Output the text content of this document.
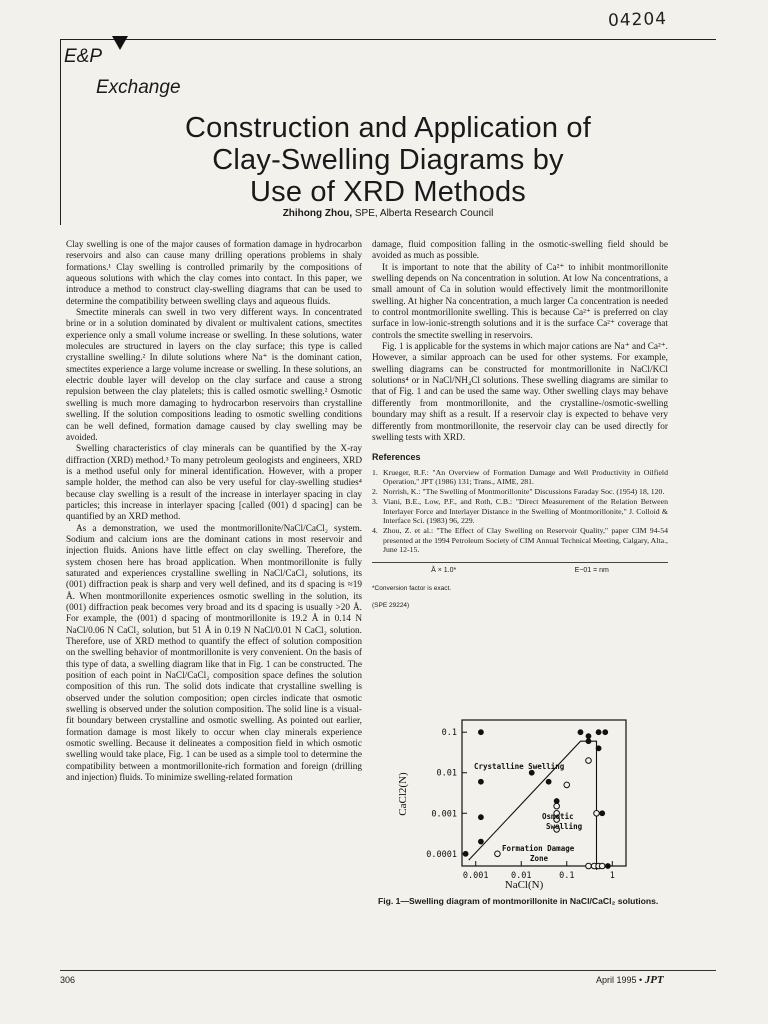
04204
E&P
Exchange
Construction and Application of
Clay-Swelling Diagrams by
Use of XRD Methods
Zhihong Zhou, SPE, Alberta Research Council

Clay swelling is one of the major causes of formation damage in hydrocarbon reservoirs and also can cause many drilling operations problems in shaly formations.¹ Clay swelling is controlled primarily by the compositions of aqueous solutions with which the clay comes into contact. In this paper, we introduce a method to construct clay-swelling diagrams that can be used to determine the compatibility between swelling clays and aqueous fluids.

Smectite minerals can swell in two very different ways. In concentrated brine or in a solution dominated by divalent or multivalent cations, smectites experience only a small volume increase or swelling. In these solutions, water molecules are structured in layers on the clay surface; this type is called crystalline swelling.² In dilute solutions where Na⁺ is the dominant cation, smectites experience a large volume increase or swelling. In these solutions, an electric double layer will develop on the clay surface and cause a strong repulsion between the clay platelets; this is called osmotic swelling.² Osmotic swelling is much more damaging to hydrocarbon reservoirs than crystalline swelling. If the solution compositions leading to osmotic swelling conditions can be well defined, formation damage caused by clay swelling may be avoided.

Swelling characteristics of clay minerals can be quantified by the X-ray diffraction (XRD) method.³ To many petroleum geologists and engineers, XRD is a method useful only for mineral identification. However, with a proper sample holder, the method can also be very useful for clay-swelling studies⁴ because clay swelling is a result of the increase in interlayer spacing in clay particles; this increase in interlayer spacing [called (001) d spacing] can be quantified by an XRD method.

As a demonstration, we used the montmorillonite/NaCl/CaCl₂ system. Sodium and calcium ions are the dominant cations in most reservoir and injection fluids. Anions have little effect on clay swelling. Therefore, the system chosen here has broad application. When montmorillonite is fully saturated and experiences crystalline swelling in NaCl/CaCl₂ solutions, its (001) diffraction peak is sharp and very well defined, and its d spacing is ≈19 Å. When montmorillonite experiences osmotic swelling in the solution, its (001) diffraction peak becomes very broad and its d spacing is usually >20 Å. For example, the (001) d spacing of montmorillonite is 19.2 Å in 0.14 N NaCl/0.06 N CaCl₂ solution, but 51 Å in 0.19 N NaCl/0.01 N CaCl₂ solution. Therefore, use of XRD method to quantify the effect of solution composition on the swelling behavior of montmorillonite is very convenient. On the basis of this type of data, a swelling diagram like that in Fig. 1 can be constructed. The position of each point in NaCl/CaCl₂ composition space defines the solution composition of this run. The solid dots indicate that crystalline swelling is observed under the solution composition; open circles indicate that osmotic swelling is observed under the solution composition. The solid line is a visual-fit boundary between crystalline and osmotic swelling. As pointed out earlier, formation damage is most likely to occur when clay minerals experience osmotic swelling. Because it delineates a composition field in which osmotic swelling would take place, Fig. 1 can be used as a simple tool to determine the compatibility between a montmorillonite-rich formation and foreign (drilling and injection) fluids. To minimize swelling-related formation

damage, fluid composition falling in the osmotic-swelling field should be avoided as much as possible.

It is important to note that the ability of Ca²⁺ to inhibit montmorillonite swelling depends on Na concentration in solution. At low Na concentrations, a small amount of Ca in solution would effectively limit the montmorillonite swelling. At higher Na concentration, a much larger Ca concentration is needed to control montmorillonite swelling. This is because Ca²⁺ is preferred on clay surface in low-ionic-strength solutions and it is the surface Ca²⁺ coverage that controls the smectite swelling in reservoirs.

Fig. 1 is applicable for the systems in which major cations are Na⁺ and Ca²⁺. However, a similar approach can be used for other systems. For example, swelling diagrams can be constructed for montmorillonite in NaCl/KCl solutions⁴ or in NaCl/NH₄Cl solutions. These swelling diagrams are similar to that of Fig. 1 and can be used the same way. Other swelling clays may behave differently from montmorillonite, and the crystalline-/osmotic-swelling boundary may shift as a result. If a reservoir clay is expected to behave very differently from montmorillonite, the reservoir clay can be used directly for swelling tests with XRD.

References
1. Krueger, R.F.: "An Overview of Formation Damage and Well Productivity in Oilfield Operation," JPT (1986) 131; Trans., AIME, 281.
2. Norrish, K.: "The Swelling of Montmorillonite" Discussions Faraday Soc. (1954) 18, 120.
3. Viani, B.E., Low, P.F., and Roth, C.B.: "Direct Measurement of the Relation Between Interlayer Force and Interlayer Distance in the Swelling of Montmorillonite," J. Colloid & Interface Sci. (1983) 96, 229.
4. Zhou, Z. et al.: "The Effect of Clay Swelling on Reservoir Quality," paper CIM 94-54 presented at the 1994 Petroleum Society of CIM Annual Technical Meeting, Calgary, Alta., June 12-15.
Å × 1.0*	E−01 = nm
*Conversion factor is exact.
(SPE 29224)
0.001	0.01	0.1	1
0.1
0.01
0.001
0.0001
Crystalline Swelling
Osmotic
Swelling
Formation Damage
Zone
NaCl(N)
CaCl2(N)
Fig. 1—Swelling diagram of montmorillonite in NaCl/CaCl₂ solutions.
306	April 1995 • JPT
